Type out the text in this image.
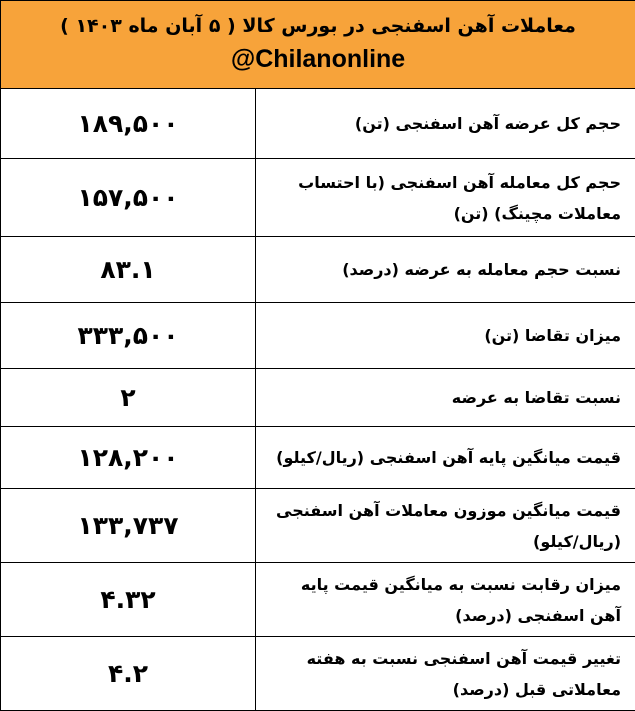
معاملات آهن اسفنجی در بورس کالا ( ۵ آبان ماه ۱۴۰۳ )
@Chilanonline	

۱۸۹,۵۰۰	حجم کل عرضه آهن اسفنجی (تن)

۱۵۷,۵۰۰	حجم کل معامله آهن اسفنجی (با احتساب معاملات مچینگ) (تن)

۸۳.۱	نسبت حجم معامله به عرضه (درصد)

۳۳۳,۵۰۰	میزان تقاضا (تن)

۲	نسبت تقاضا به عرضه

۱۲۸,۲۰۰	قیمت میانگین پایه آهن اسفنجی (ریال/کیلو)

۱۳۳,۷۳۷	قیمت میانگین موزون معاملات آهن اسفنجی (ریال/کیلو)

۴.۳۲	میزان رقابت نسبت به میانگین قیمت پایه آهن اسفنجی (درصد)

۴.۲	تغییر قیمت آهن اسفنجی نسبت به هفته معاملاتی قبل (درصد)
